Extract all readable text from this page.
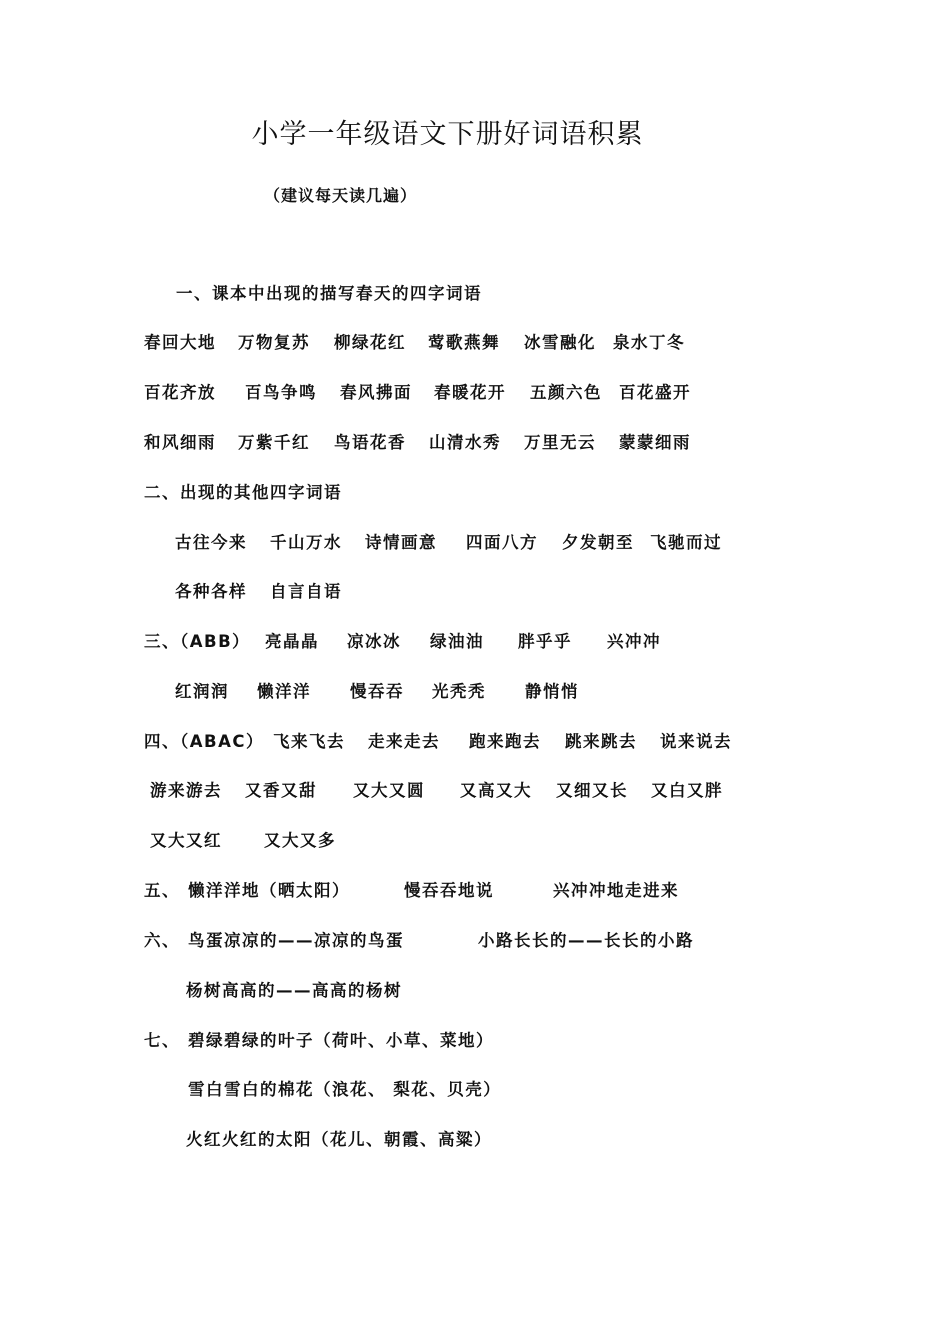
小学一年级语文下册好词语积累
（建议每天读几遍）
一、课本中出现的描写春天的四字词语
春回大地 万物复苏 柳绿花红 莺歌燕舞 冰雪融化 泉水丁冬
百花齐放 百鸟争鸣 春风拂面 春暖花开 五颜六色 百花盛开
和风细雨 万紫千红 鸟语花香 山清水秀 万里无云 蒙蒙细雨
二、出现的其他四字词语
古往今来 千山万水 诗情画意 四面八方 夕发朝至 飞驰而过
各种各样 自言自语
三、（ABB） 亮晶晶 凉冰冰 绿油油 胖乎乎 兴冲冲
红润润 懒洋洋 慢吞吞 光秃秃 静悄悄
四、（ABAC） 飞来飞去 走来走去 跑来跑去 跳来跳去 说来说去
游来游去 又香又甜 又大又圆 又高又大 又细又长 又白又胖
又大又红	又大又多
五、 懒洋洋地（晒太阳）	慢吞吞地说	兴冲冲地走进来
六、 鸟蛋凉凉的——凉凉的鸟蛋	小路长长的——长长的小路
杨树高高的——高高的杨树
七、 碧绿碧绿的叶子（荷叶、小草、菜地）
雪白雪白的棉花（浪花、 梨花、贝壳）
火红火红的太阳（花儿、朝霞、高粱）
